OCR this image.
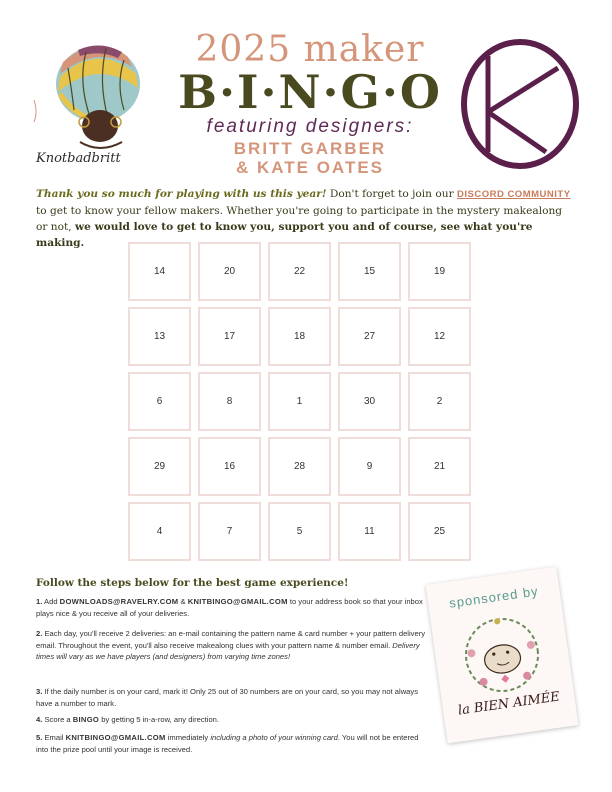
Knotbadbritt
2025 maker
B·I·N·G·O
featuring designers:
BRITT GARBER
& KATE OATES
Thank you so much for playing with us this year! Don't forget to join our DISCORD COMMUNITY to get to know your fellow makers. Whether you're going to participate in the mystery makealong or not, we would love to get to know you, support you and of course, see what you're making.
14	20	22	15	19
13	17	18	27	12
6	8	1	30	2
29	16	28	9	21
4	7	5	11	25
Follow the steps below for the best game experience!
1. Add DOWNLOADS@RAVELRY.COM & KNITBINGO@GMAIL.COM to your address book so that your inbox plays nice & you receive all of your deliveries.
2. Each day, you'll receive 2 deliveries: an e-mail containing the pattern name & card number + your pattern delivery email. Throughout the event, you'll also receive makealong clues with your pattern name & number email. Delivery times will vary as we have players (and designers) from varying time zones!
3. If the daily number is on your card, mark it! Only 25 out of 30 numbers are on your card, so you may not always have a number to mark.
4. Score a BINGO by getting 5 in-a-row, any direction.
5. Email KNITBINGO@GMAIL.COM immediately including a photo of your winning card. You will not be entered into the prize pool until your image is received.
sponsored by
la BIEN AIMÉE
